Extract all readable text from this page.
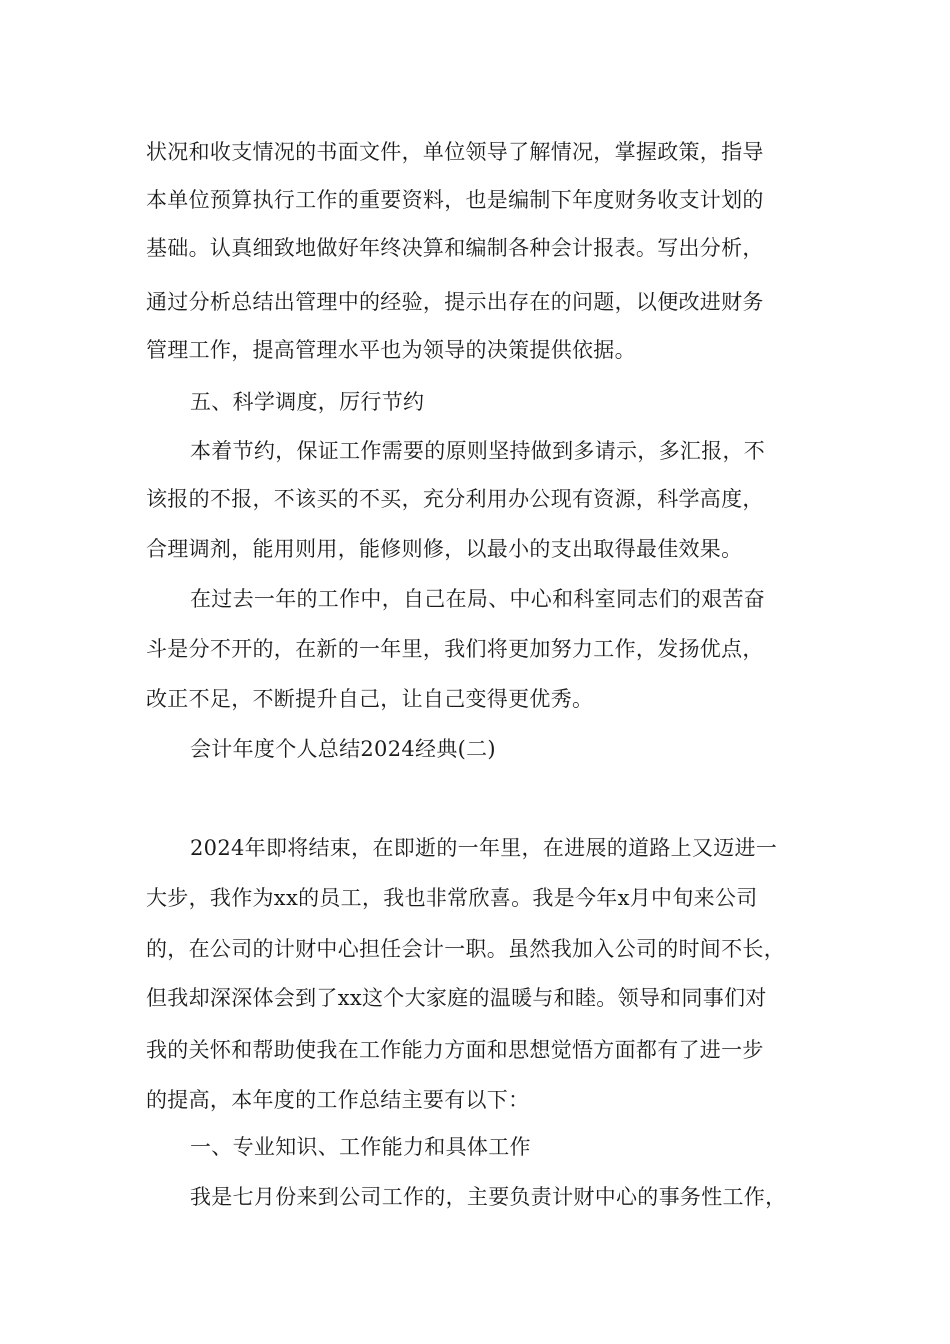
状况和收支情况的书面文件，单位领导了解情况，掌握政策，指导
本单位预算执行工作的重要资料，也是编制下年度财务收支计划的
基础。认真细致地做好年终决算和编制各种会计报表。写出分析，
通过分析总结出管理中的经验，提示出存在的问题，以便改进财务
管理工作，提高管理水平也为领导的决策提供依据。
五、科学调度，厉行节约
本着节约，保证工作需要的原则坚持做到多请示，多汇报，不
该报的不报，不该买的不买，充分利用办公现有资源，科学高度，
合理调剂，能用则用，能修则修，以最小的支出取得最佳效果。
在过去一年的工作中，自己在局、中心和科室同志们的艰苦奋
斗是分不开的，在新的一年里，我们将更加努力工作，发扬优点，
改正不足，不断提升自己，让自己变得更优秀。
会计年度个人总结2024经典(二)
2024年即将结束，在即逝的一年里，在进展的道路上又迈进一
大步，我作为xx的员工，我也非常欣喜。我是今年x月中旬来公司
的，在公司的计财中心担任会计一职。虽然我加入公司的时间不长，
但我却深深体会到了xx这个大家庭的温暖与和睦。领导和同事们对
我的关怀和帮助使我在工作能力方面和思想觉悟方面都有了进一步
的提高，本年度的工作总结主要有以下：
一、专业知识、工作能力和具体工作
我是七月份来到公司工作的，主要负责计财中心的事务性工作，
